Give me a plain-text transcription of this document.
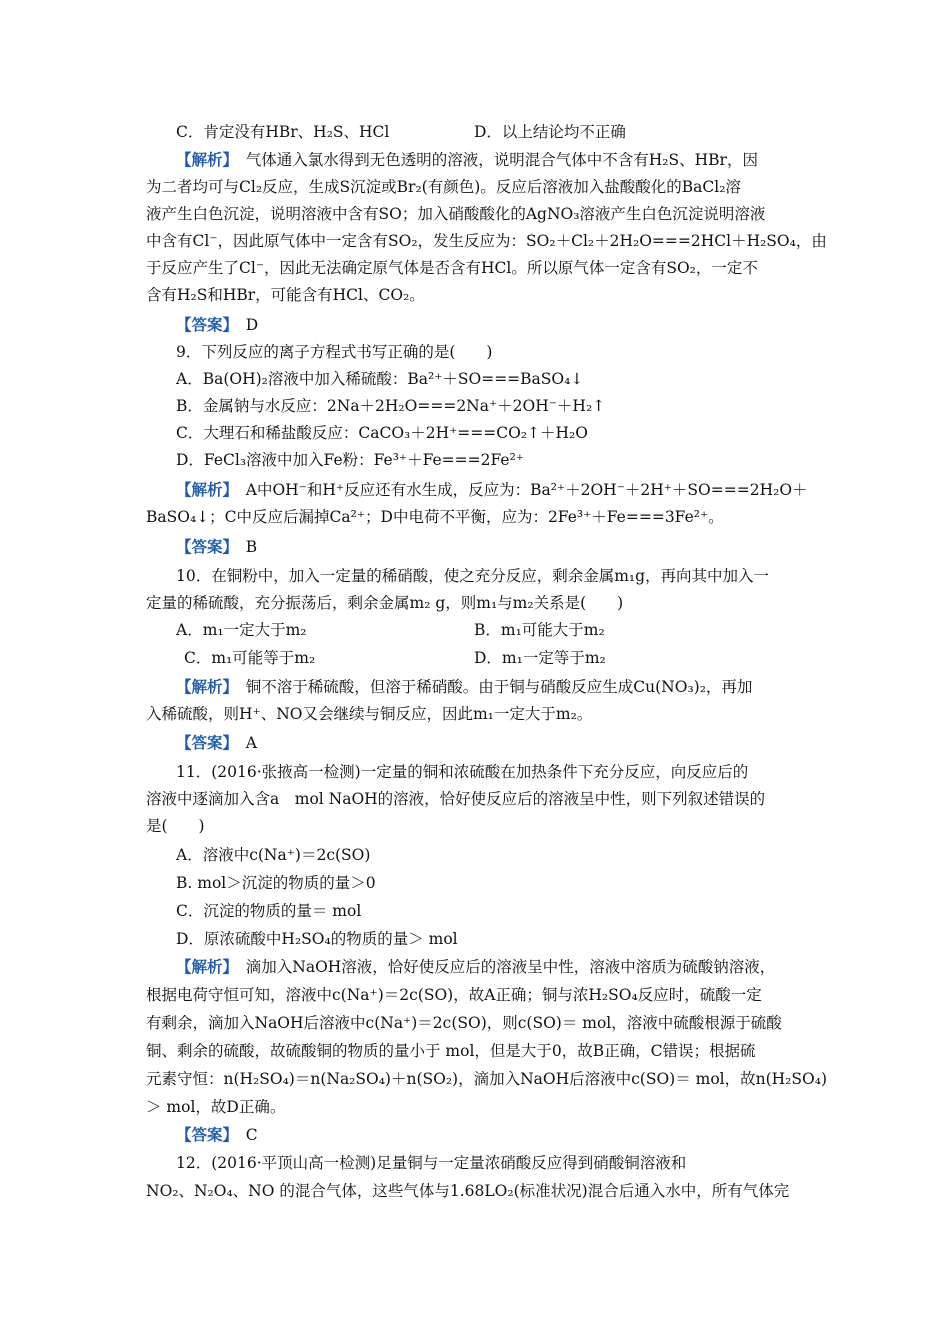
C．肯定没有HBr、H₂S、HCl	D．以上结论均不正确
【解析】　 气体通入氯水得到无色透明的溶液，说明混合气体中不含有H₂S、HBr，因
为二者均可与Cl₂反应，生成S沉淀或Br₂(有颜色)。反应后溶液加入盐酸酸化的BaCl₂溶
液产生白色沉淀，说明溶液中含有SO；加入硝酸酸化的AgNO₃溶液产生白色沉淀说明溶液
中含有Cl⁻，因此原气体中一定含有SO₂，发生反应为：SO₂＋Cl₂＋2H₂O===2HCl＋H₂SO₄，由
于反应产生了Cl⁻，因此无法确定原气体是否含有HCl。所以原气体一定含有SO₂，一定不
含有H₂S和HBr，可能含有HCl、CO₂。
【答案】　 D
9．下列反应的离子方程式书写正确的是(　　)
A．Ba(OH)₂溶液中加入稀硫酸：Ba²⁺＋SO===BaSO₄↓
B．金属钠与水反应：2Na＋2H₂O===2Na⁺＋2OH⁻＋H₂↑
C．大理石和稀盐酸反应：CaCO₃＋2H⁺===CO₂↑＋H₂O
D．FeCl₃溶液中加入Fe粉：Fe³⁺＋Fe===2Fe²⁺
【解析】　 A中OH⁻和H⁺反应还有水生成，反应为：Ba²⁺＋2OH⁻＋2H⁺＋SO===2H₂O＋
BaSO₄↓；C中反应后漏掉Ca²⁺；D中电荷不平衡，应为：2Fe³⁺＋Fe===3Fe²⁺。
【答案】　 B
10．在铜粉中，加入一定量的稀硝酸，使之充分反应，剩余金属m₁g，再向其中加入一
定量的稀硫酸，充分振荡后，剩余金属m₂ g，则m₁与m₂关系是(　　)
A．m₁一定大于m₂	B．m₁可能大于m₂
C．m₁可能等于m₂	D．m₁一定等于m₂
【解析】　 铜不溶于稀硫酸，但溶于稀硝酸。由于铜与硝酸反应生成Cu(NO₃)₂，再加
入稀硫酸，则H⁺、NO又会继续与铜反应，因此m₁一定大于m₂。
【答案】　 A
11．(2016·张掖高一检测)一定量的铜和浓硫酸在加热条件下充分反应，向反应后的
溶液中逐滴加入含a　mol NaOH的溶液，恰好使反应后的溶液呈中性，则下列叙述错误的
是(　　)
A．溶液中c(Na⁺)＝2c(SO)
B. mol＞沉淀的物质的量＞0
C．沉淀的物质的量＝ mol
D．原浓硫酸中H₂SO₄的物质的量＞ mol
【解析】　 滴加入NaOH溶液，恰好使反应后的溶液呈中性，溶液中溶质为硫酸钠溶液，
根据电荷守恒可知，溶液中c(Na⁺)＝2c(SO)，故A正确；铜与浓H₂SO₄反应时，硫酸一定
有剩余，滴加入NaOH后溶液中c(Na⁺)＝2c(SO)，则c(SO)＝ mol，溶液中硫酸根源于硫酸
铜、剩余的硫酸，故硫酸铜的物质的量小于 mol，但是大于0，故B正确，C错误；根据硫
元素守恒：n(H₂SO₄)＝n(Na₂SO₄)＋n(SO₂)，滴加入NaOH后溶液中c(SO)＝ mol，故n(H₂SO₄)
＞ mol，故D正确。
【答案】　 C
12．(2016·平顶山高一检测)足量铜与一定量浓硝酸反应得到硝酸铜溶液和
NO₂、N₂O₄、NO 的混合气体，这些气体与1.68LO₂(标准状况)混合后通入水中，所有气体完
